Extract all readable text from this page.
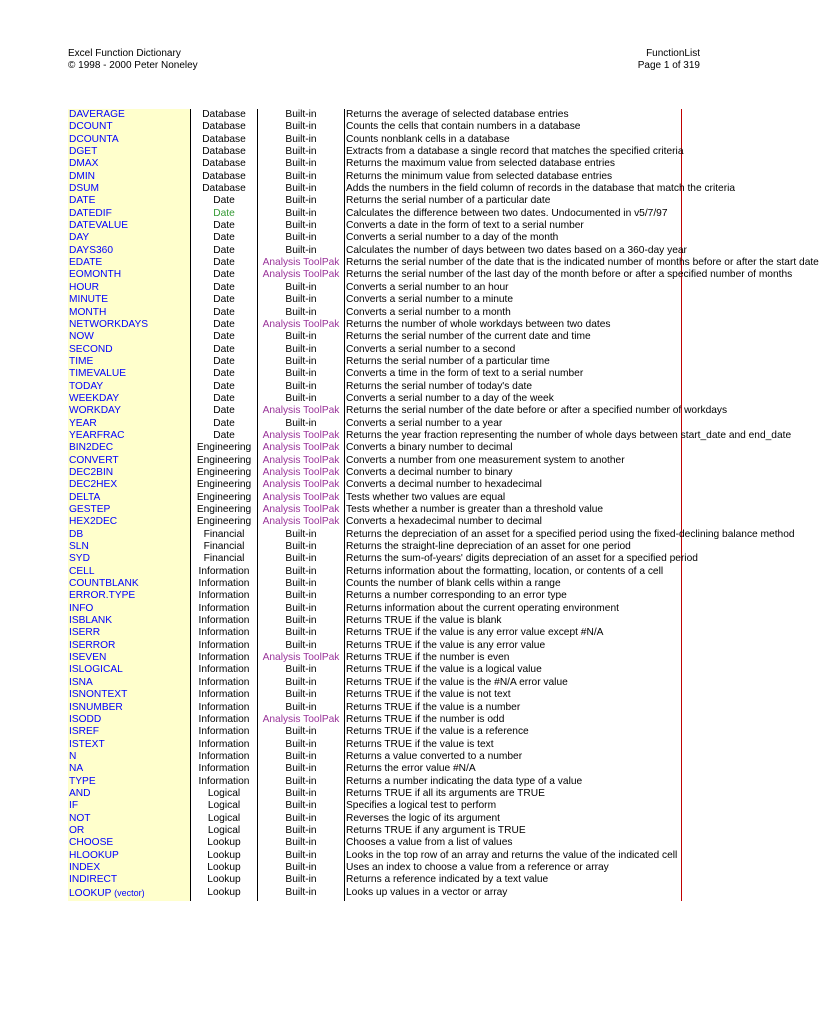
Excel Function Dictionary
© 1998 - 2000 Peter Noneley
FunctionList
Page 1 of 319
DAVERAGE	Database	Built-in	Returns the average of selected database entries
DCOUNT	Database	Built-in	Counts the cells that contain numbers in a database
DCOUNTA	Database	Built-in	Counts nonblank cells in a database
DGET	Database	Built-in	Extracts from a database a single record that matches the specified criteria
DMAX	Database	Built-in	Returns the maximum value from selected database entries
DMIN	Database	Built-in	Returns the minimum value from selected database entries
DSUM	Database	Built-in	Adds the numbers in the field column of records in the database that match the criteria
DATE	Date	Built-in	Returns the serial number of a particular date
DATEDIF	Date	Built-in	Calculates the difference between two dates. Undocumented in v5/7/97
DATEVALUE	Date	Built-in	Converts a date in the form of text to a serial number
DAY	Date	Built-in	Converts a serial number to a day of the month
DAYS360	Date	Built-in	Calculates the number of days between two dates based on a 360-day year
EDATE	Date	Analysis ToolPak Returns the serial number of the date that is the indicated number of months before or after the start date
EOMONTH	Date	Analysis ToolPak Returns the serial number of the last day of the month before or after a specified number of months
HOUR	Date	Built-in	Converts a serial number to an hour
MINUTE	Date	Built-in	Converts a serial number to a minute
MONTH	Date	Built-in	Converts a serial number to a month
NETWORKDAYS	Date	Analysis ToolPak Returns the number of whole workdays between two dates
NOW	Date	Built-in	Returns the serial number of the current date and time
SECOND	Date	Built-in	Converts a serial number to a second
TIME	Date	Built-in	Returns the serial number of a particular time
TIMEVALUE	Date	Built-in	Converts a time in the form of text to a serial number
TODAY	Date	Built-in	Returns the serial number of today's date
WEEKDAY	Date	Built-in	Converts a serial number to a day of the week
WORKDAY	Date	Analysis ToolPak Returns the serial number of the date before or after a specified number of workdays
YEAR	Date	Built-in	Converts a serial number to a year
YEARFRAC	Date	Analysis ToolPak Returns the year fraction representing the number of whole days between start_date and end_date
BIN2DEC	Engineering	Analysis ToolPak Converts a binary number to decimal
CONVERT	Engineering	Analysis ToolPak Converts a number from one measurement system to another
DEC2BIN	Engineering	Analysis ToolPak Converts a decimal number to binary
DEC2HEX	Engineering	Analysis ToolPak Converts a decimal number to hexadecimal
DELTA	Engineering	Analysis ToolPak Tests whether two values are equal
GESTEP	Engineering	Analysis ToolPak Tests whether a number is greater than a threshold value
HEX2DEC	Engineering	Analysis ToolPak Converts a hexadecimal number to decimal
DB	Financial	Built-in	Returns the depreciation of an asset for a specified period using the fixed-declining balance method
SLN	Financial	Built-in	Returns the straight-line depreciation of an asset for one period
SYD	Financial	Built-in	Returns the sum-of-years' digits depreciation of an asset for a specified period
CELL	Information	Built-in	Returns information about the formatting, location, or contents of a cell
COUNTBLANK	Information	Built-in	Counts the number of blank cells within a range
ERROR.TYPE	Information	Built-in	Returns a number corresponding to an error type
INFO	Information	Built-in	Returns information about the current operating environment
ISBLANK	Information	Built-in	Returns TRUE if the value is blank
ISERR	Information	Built-in	Returns TRUE if the value is any error value except #N/A
ISERROR	Information	Built-in	Returns TRUE if the value is any error value
ISEVEN	Information	Analysis ToolPak Returns TRUE if the number is even
ISLOGICAL	Information	Built-in	Returns TRUE if the value is a logical value
ISNA	Information	Built-in	Returns TRUE if the value is the #N/A error value
ISNONTEXT	Information	Built-in	Returns TRUE if the value is not text
ISNUMBER	Information	Built-in	Returns TRUE if the value is a number
ISODD	Information	Analysis ToolPak Returns TRUE if the number is odd
ISREF	Information	Built-in	Returns TRUE if the value is a reference
ISTEXT	Information	Built-in	Returns TRUE if the value is text
N	Information	Built-in	Returns a value converted to a number
NA	Information	Built-in	Returns the error value #N/A
TYPE	Information	Built-in	Returns a number indicating the data type of a value
AND	Logical	Built-in	Returns TRUE if all its arguments are TRUE
IF	Logical	Built-in	Specifies a logical test to perform
NOT	Logical	Built-in	Reverses the logic of its argument
OR	Logical	Built-in	Returns TRUE if any argument is TRUE
CHOOSE	Lookup	Built-in	Chooses a value from a list of values
HLOOKUP	Lookup	Built-in	Looks in the top row of an array and returns the value of the indicated cell
INDEX	Lookup	Built-in	Uses an index to choose a value from a reference or array
INDIRECT	Lookup	Built-in	Returns a reference indicated by a text value
LOOKUP (vector)	Lookup	Built-in	Looks up values in a vector or array
